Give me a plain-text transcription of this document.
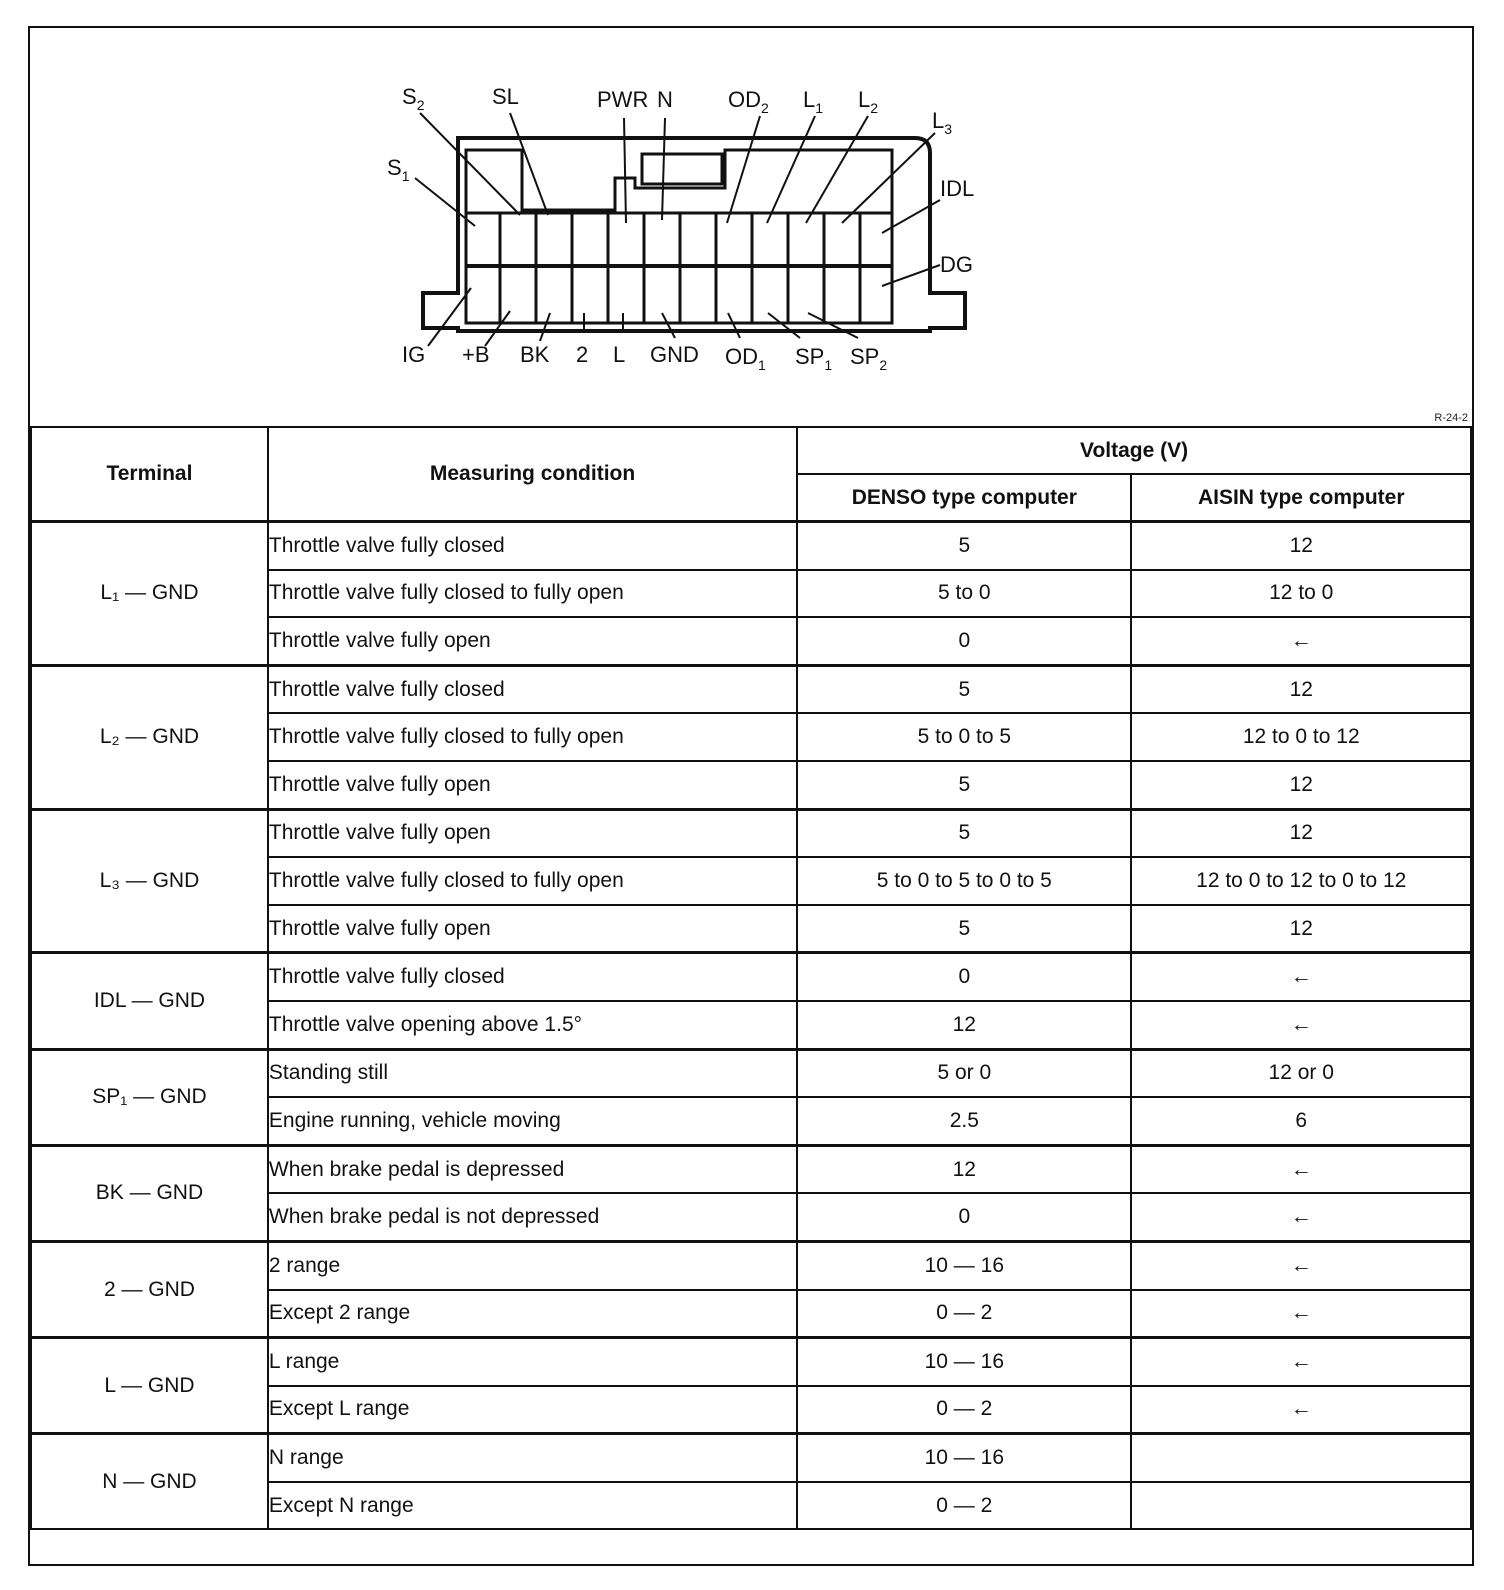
$S_2$	SL	PWR N	$OD_2$ $L_1$ $L_2$ $L_3$
$S_1$	IDL
DG
IG +B BK 2 L GND $OD_1$ $SP_1$ $SP_2$
R-24-2
Terminal	Measuring condition	Voltage (V)	
		DENSO type computer	AISIN type computer
L₁ — GND	Throttle valve fully closed	5	12
	Throttle valve fully closed to fully open	5 to 0	12 to 0
	Throttle valve fully open	0	←
L₂ — GND	Throttle valve fully closed	5	12
	Throttle valve fully closed to fully open	5 to 0 to 5	12 to 0 to 12
	Throttle valve fully open	5	12
L₃ — GND	Throttle valve fully open	5	12
	Throttle valve fully closed to fully open	5 to 0 to 5 to 0 to 5	12 to 0 to 12 to 0 to 12
	Throttle valve fully open	5	12
IDL — GND	Throttle valve fully closed	0	←
	Throttle valve opening above 1.5°	12	←
SP₁ — GND	Standing still	5 or 0	12 or 0
	Engine running, vehicle moving	2.5	6
BK — GND	When brake pedal is depressed	12	←
	When brake pedal is not depressed	0	←
2 — GND	2 range	10 — 16	←
	Except 2 range	0 — 2	←
L — GND	L range	10 — 16	←
	Except L range	0 — 2	←
N — GND	N range	10 — 16	
	Except N range	0 — 2	
